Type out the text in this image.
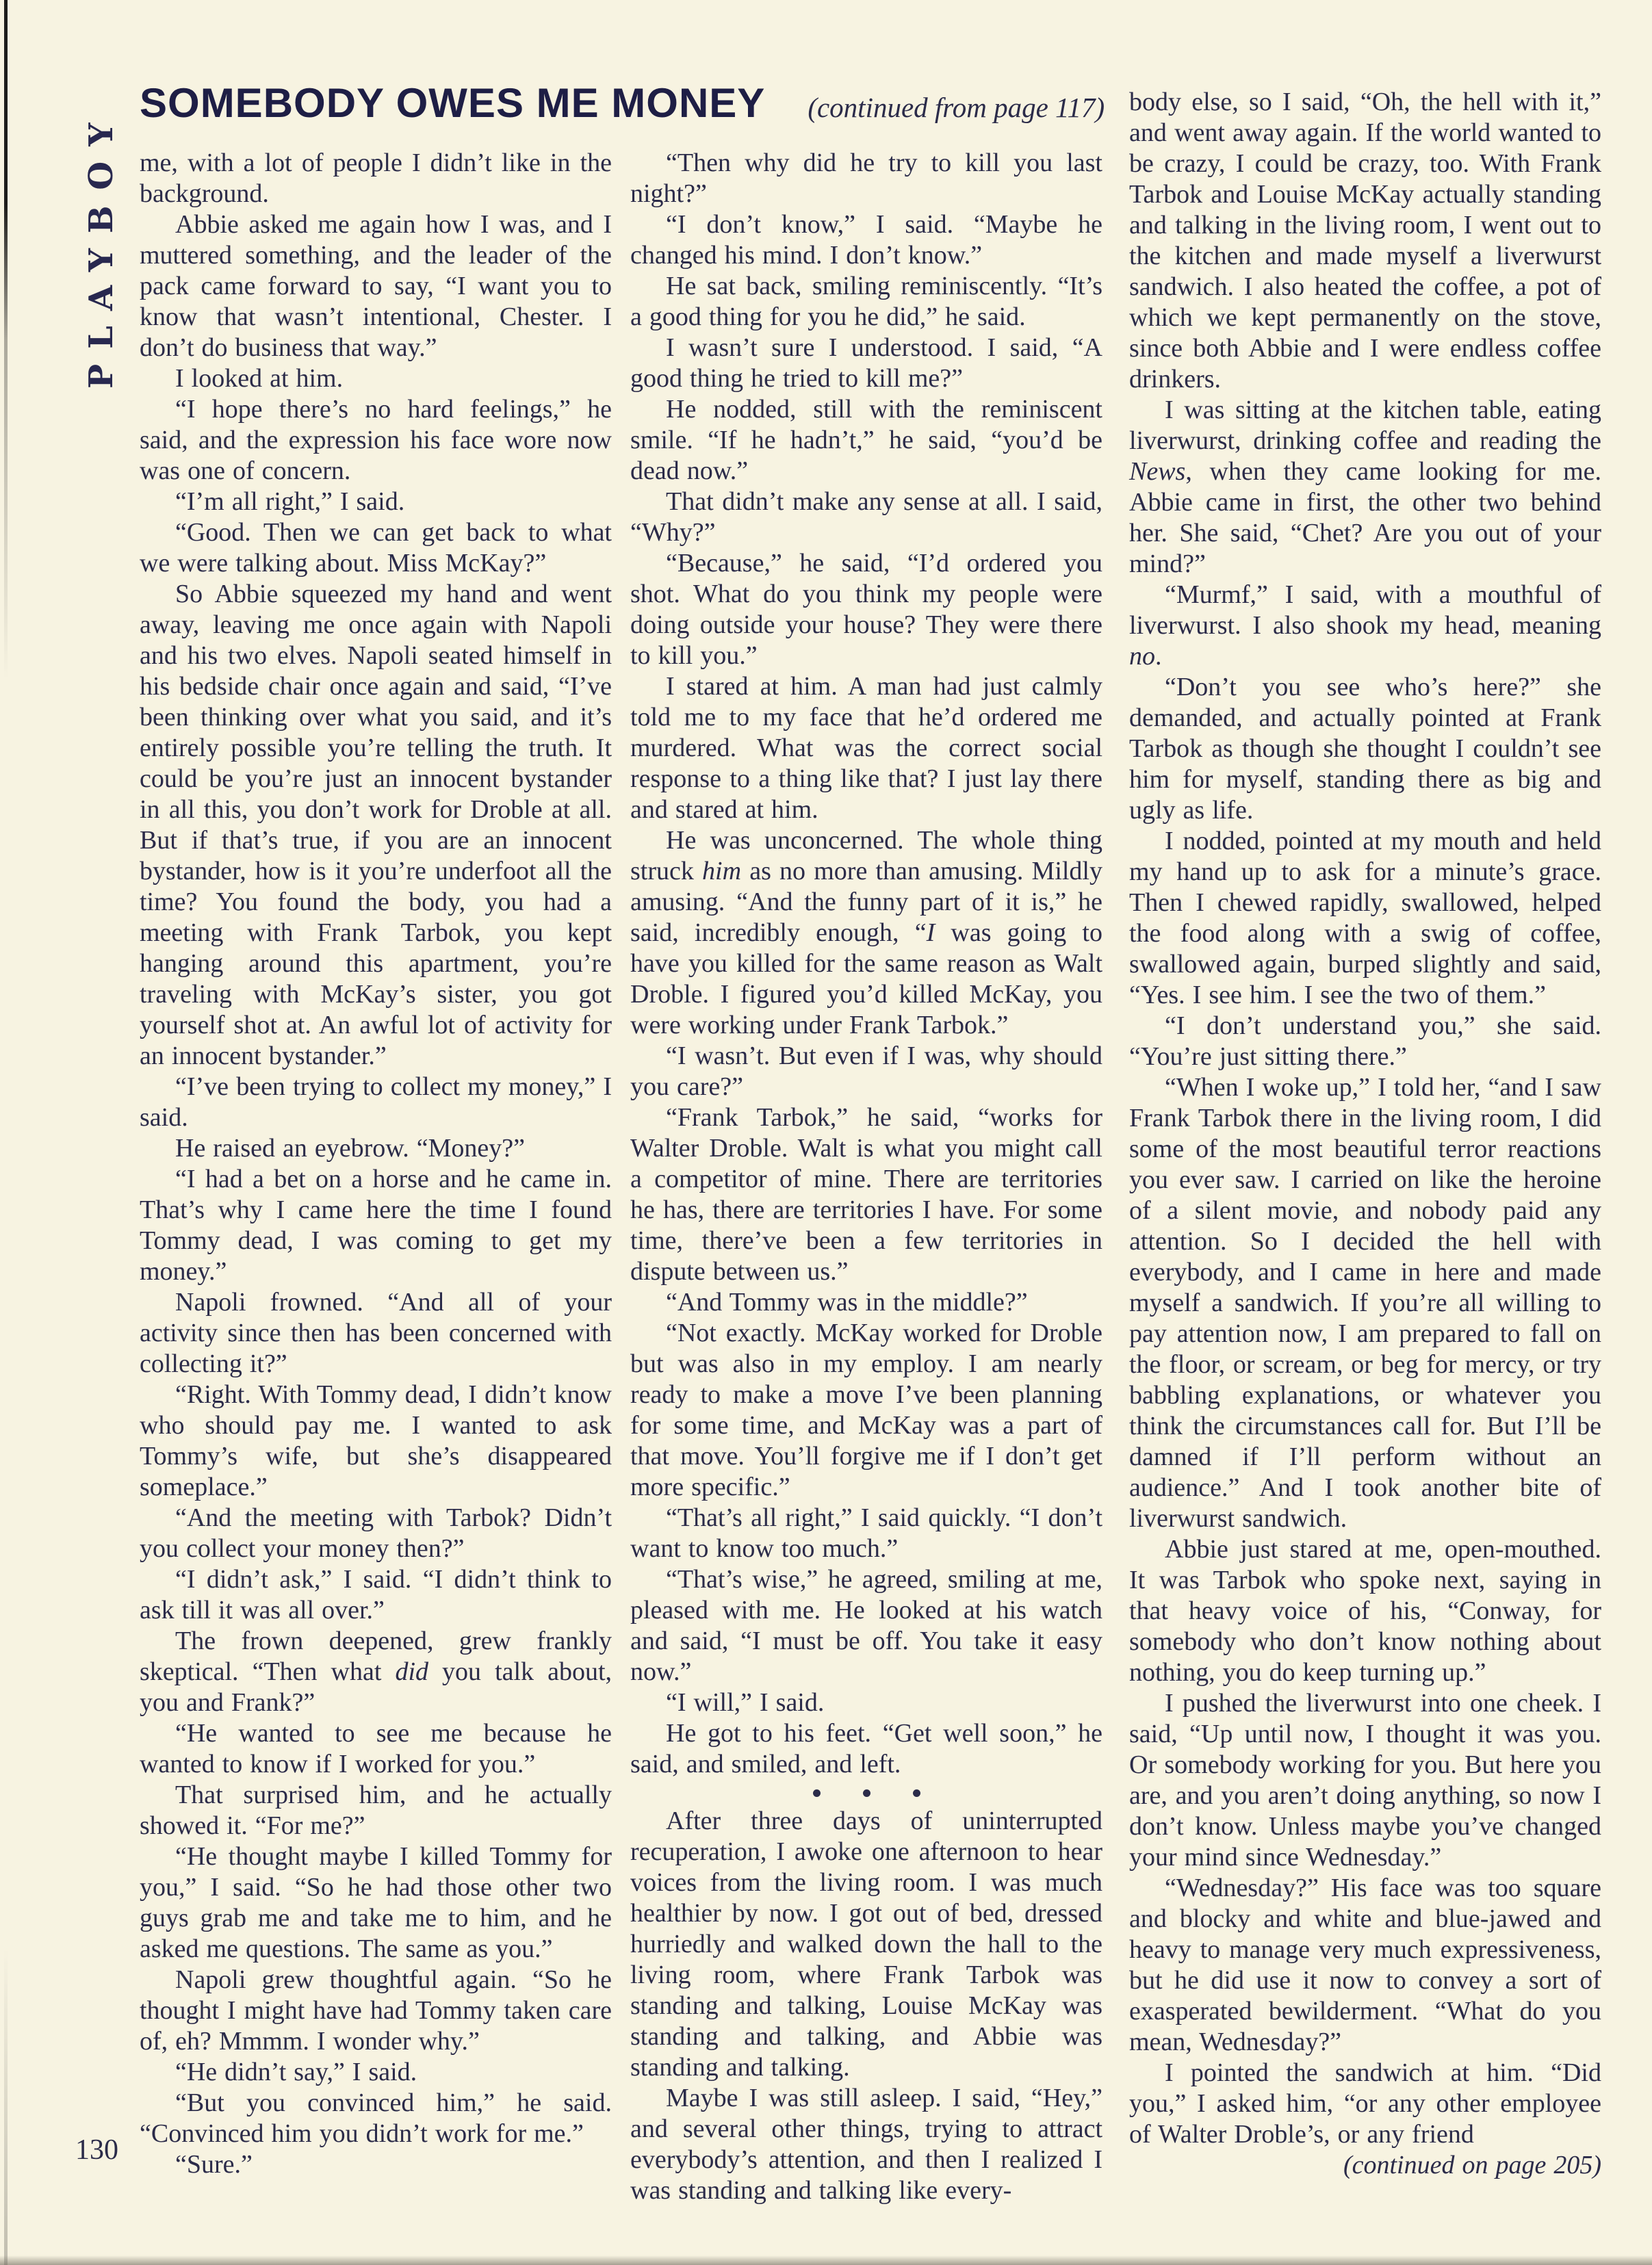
PLAYBOY
SOMEBODY OWES ME MONEY (continued from page 117)

me, with a lot of people I didn’t like in the background.

Abbie asked me again how I was, and I muttered something, and the leader of the pack came forward to say, “I want you to know that wasn’t intentional, Chester. I don’t do business that way.”

I looked at him.

“I hope there’s no hard feelings,” he said, and the expression his face wore now was one of concern.

“I’m all right,” I said.

“Good. Then we can get back to what we were talking about. Miss McKay?”

So Abbie squeezed my hand and went away, leaving me once again with Napoli and his two elves. Napoli seated himself in his bedside chair once again and said, “I’ve been thinking over what you said, and it’s entirely possible you’re telling the truth. It could be you’re just an innocent bystander in all this, you don’t work for Droble at all. But if that’s true, if you are an innocent bystander, how is it you’re underfoot all the time? You found the body, you had a meeting with Frank Tarbok, you kept hanging around this apartment, you’re traveling with McKay’s sister, you got yourself shot at. An awful lot of activity for an innocent bystander.”

“I’ve been trying to collect my money,” I said.

He raised an eyebrow. “Money?”

“I had a bet on a horse and he came in. That’s why I came here the time I found Tommy dead, I was coming to get my money.”

Napoli frowned. “And all of your activity since then has been concerned with collecting it?”

“Right. With Tommy dead, I didn’t know who should pay me. I wanted to ask Tommy’s wife, but she’s disappeared someplace.”

“And the meeting with Tarbok? Didn’t you collect your money then?”

“I didn’t ask,” I said. “I didn’t think to ask till it was all over.”

The frown deepened, grew frankly skeptical. “Then what did you talk about, you and Frank?”

“He wanted to see me because he wanted to know if I worked for you.”

That surprised him, and he actually showed it. “For me?”

“He thought maybe I killed Tommy for you,” I said. “So he had those other two guys grab me and take me to him, and he asked me questions. The same as you.”

Napoli grew thoughtful again. “So he thought I might have had Tommy taken care of, eh? Mmmm. I wonder why.”

“He didn’t say,” I said.

“But you convinced him,” he said. “Convinced him you didn’t work for me.”

“Sure.”

“Then why did he try to kill you last night?”

“I don’t know,” I said. “Maybe he changed his mind. I don’t know.”

He sat back, smiling reminiscently. “It’s a good thing for you he did,” he said.

I wasn’t sure I understood. I said, “A good thing he tried to kill me?”

He nodded, still with the reminiscent smile. “If he hadn’t,” he said, “you’d be dead now.”

That didn’t make any sense at all. I said, “Why?”

“Because,” he said, “I’d ordered you shot. What do you think my people were doing outside your house? They were there to kill you.”

I stared at him. A man had just calmly told me to my face that he’d ordered me murdered. What was the correct social response to a thing like that? I just lay there and stared at him.

He was unconcerned. The whole thing struck him as no more than amusing. Mildly amusing. “And the funny part of it is,” he said, incredibly enough, “I was going to have you killed for the same reason as Walt Droble. I figured you’d killed McKay, you were working under Frank Tarbok.”

“I wasn’t. But even if I was, why should you care?”

“Frank Tarbok,” he said, “works for Walter Droble. Walt is what you might call a competitor of mine. There are territories he has, there are territories I have. For some time, there’ve been a few territories in dispute between us.”

“And Tommy was in the middle?”

“Not exactly. McKay worked for Droble but was also in my employ. I am nearly ready to make a move I’ve been planning for some time, and McKay was a part of that move. You’ll forgive me if I don’t get more specific.”

“That’s all right,” I said quickly. “I don’t want to know too much.”

“That’s wise,” he agreed, smiling at me, pleased with me. He looked at his watch and said, “I must be off. You take it easy now.”

“I will,” I said.

He got to his feet. “Get well soon,” he said, and smiled, and left.

After three days of uninterrupted recuperation, I awoke one afternoon to hear voices from the living room. I was much healthier by now. I got out of bed, dressed hurriedly and walked down the hall to the living room, where Frank Tarbok was standing and talking, Louise McKay was standing and talking, and Abbie was standing and talking.

Maybe I was still asleep. I said, “Hey,” and several other things, trying to attract everybody’s attention, and then I realized I was standing and talking like every-

body else, so I said, “Oh, the hell with it,” and went away again. If the world wanted to be crazy, I could be crazy, too. With Frank Tarbok and Louise McKay actually standing and talking in the living room, I went out to the kitchen and made myself a liverwurst sandwich. I also heated the coffee, a pot of which we kept permanently on the stove, since both Abbie and I were endless coffee drinkers.

I was sitting at the kitchen table, eating liverwurst, drinking coffee and reading the News, when they came looking for me. Abbie came in first, the other two behind her. She said, “Chet? Are you out of your mind?”

“Murmf,” I said, with a mouthful of liverwurst. I also shook my head, meaning no.

“Don’t you see who’s here?” she demanded, and actually pointed at Frank Tarbok as though she thought I couldn’t see him for myself, standing there as big and ugly as life.

I nodded, pointed at my mouth and held my hand up to ask for a minute’s grace. Then I chewed rapidly, swallowed, helped the food along with a swig of coffee, swallowed again, burped slightly and said, “Yes. I see him. I see the two of them.”

“I don’t understand you,” she said. “You’re just sitting there.”

“When I woke up,” I told her, “and I saw Frank Tarbok there in the living room, I did some of the most beautiful terror reactions you ever saw. I carried on like the heroine of a silent movie, and nobody paid any attention. So I decided the hell with everybody, and I came in here and made myself a sandwich. If you’re all willing to pay attention now, I am prepared to fall on the floor, or scream, or beg for mercy, or try babbling explanations, or whatever you think the circumstances call for. But I’ll be damned if I’ll perform without an audience.” And I took another bite of liverwurst sandwich.

Abbie just stared at me, open-mouthed. It was Tarbok who spoke next, saying in that heavy voice of his, “Conway, for somebody who don’t know nothing about nothing, you do keep turning up.”

I pushed the liverwurst into one cheek. I said, “Up until now, I thought it was you. Or somebody working for you. But here you are, and you aren’t doing anything, so now I don’t know. Unless maybe you’ve changed your mind since Wednesday.”

“Wednesday?” His face was too square and blocky and white and blue-jawed and heavy to manage very much expressiveness, but he did use it now to convey a sort of exasperated bewilderment. “What do you mean, Wednesday?”

I pointed the sandwich at him. “Did you,” I asked him, “or any other employee of Walter Droble’s, or any friend

(continued on page 205)

130
